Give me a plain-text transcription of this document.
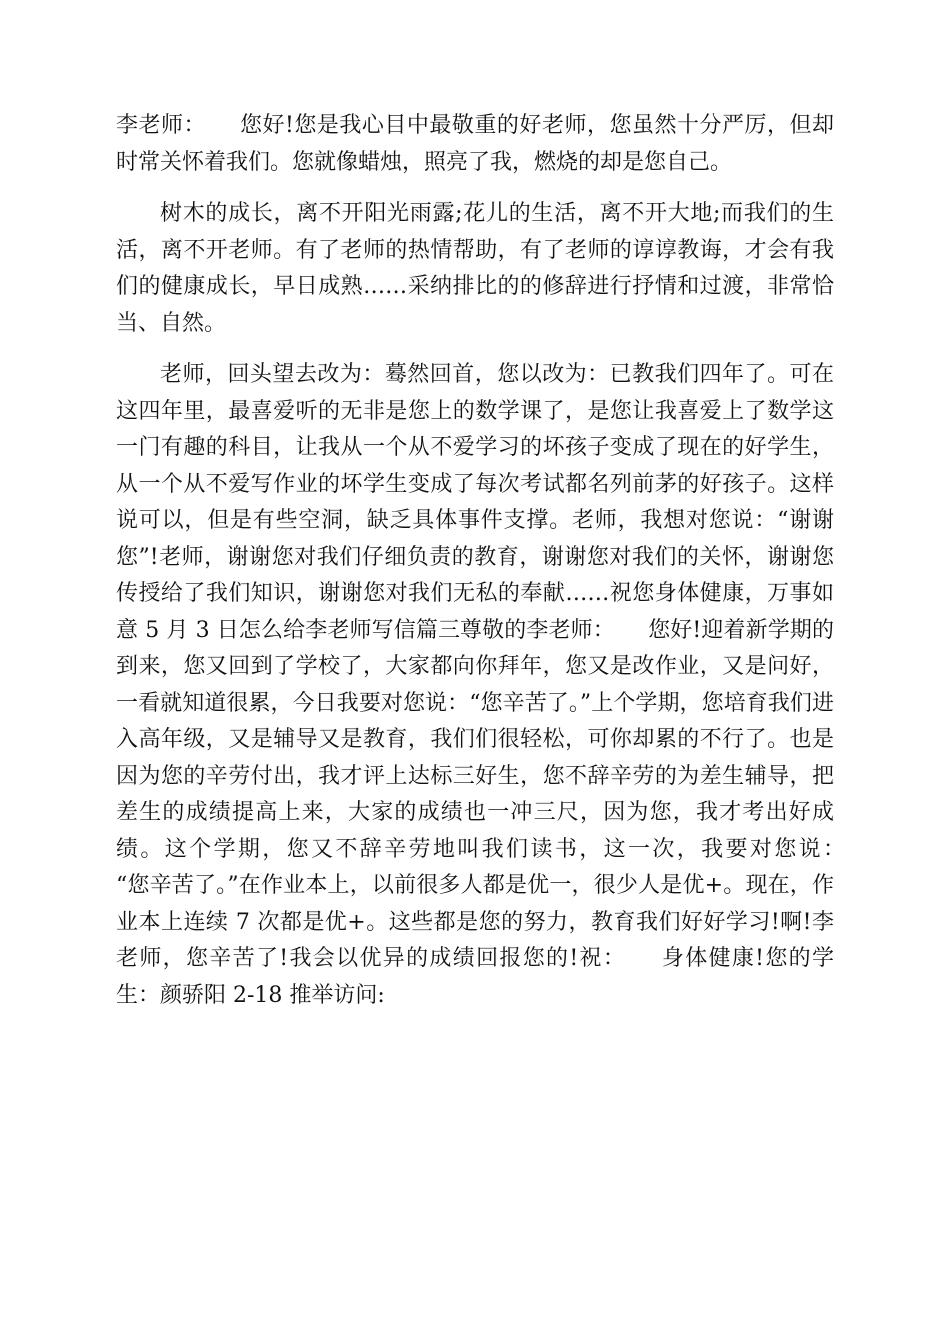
李老师：　　您好!您是我心目中最敬重的好老师，您虽然十分严厉，但却时常关怀着我们。您就像蜡烛，照亮了我，燃烧的却是您自己。

树木的成长，离不开阳光雨露;花儿的生活，离不开大地;而我们的生活，离不开老师。有了老师的热情帮助，有了老师的谆谆教诲，才会有我们的健康成长，早日成熟……采纳排比的的修辞进行抒情和过渡，非常恰当、自然。

老师，回头望去改为：蓦然回首，您以改为：已教我们四年了。可在这四年里，最喜爱听的无非是您上的数学课了，是您让我喜爱上了数学这一门有趣的科目，让我从一个从不爱学习的坏孩子变成了现在的好学生，从一个从不爱写作业的坏学生变成了每次考试都名列前茅的好孩子。这样说可以，但是有些空洞，缺乏具体事件支撑。老师，我想对您说：“谢谢您”!老师，谢谢您对我们仔细负责的教育，谢谢您对我们的关怀，谢谢您传授给了我们知识，谢谢您对我们无私的奉献……祝您身体健康，万事如意 5 月 3 日怎么给李老师写信篇三尊敬的李老师：　　您好!迎着新学期的到来，您又回到了学校了，大家都向你拜年，您又是改作业，又是问好，一看就知道很累，今日我要对您说：“您辛苦了。”上个学期，您培育我们进入高年级，又是辅导又是教育，我们们很轻松，可你却累的不行了。也是因为您的辛劳付出，我才评上达标三好生，您不辞辛劳的为差生辅导，把差生的成绩提高上来，大家的成绩也一冲三尺，因为您，我才考出好成绩。这个学期，您又不辞辛劳地叫我们读书，这一次，我要对您说：　　“您辛苦了。”在作业本上，以前很多人都是优一，很少人是优+。现在，作业本上连续 7 次都是优+。这些都是您的努力，教育我们好好学习!啊!李老师，您辛苦了!我会以优异的成绩回报您的!祝：　　身体健康!您的学生：颜骄阳 2-18 推举访问:
